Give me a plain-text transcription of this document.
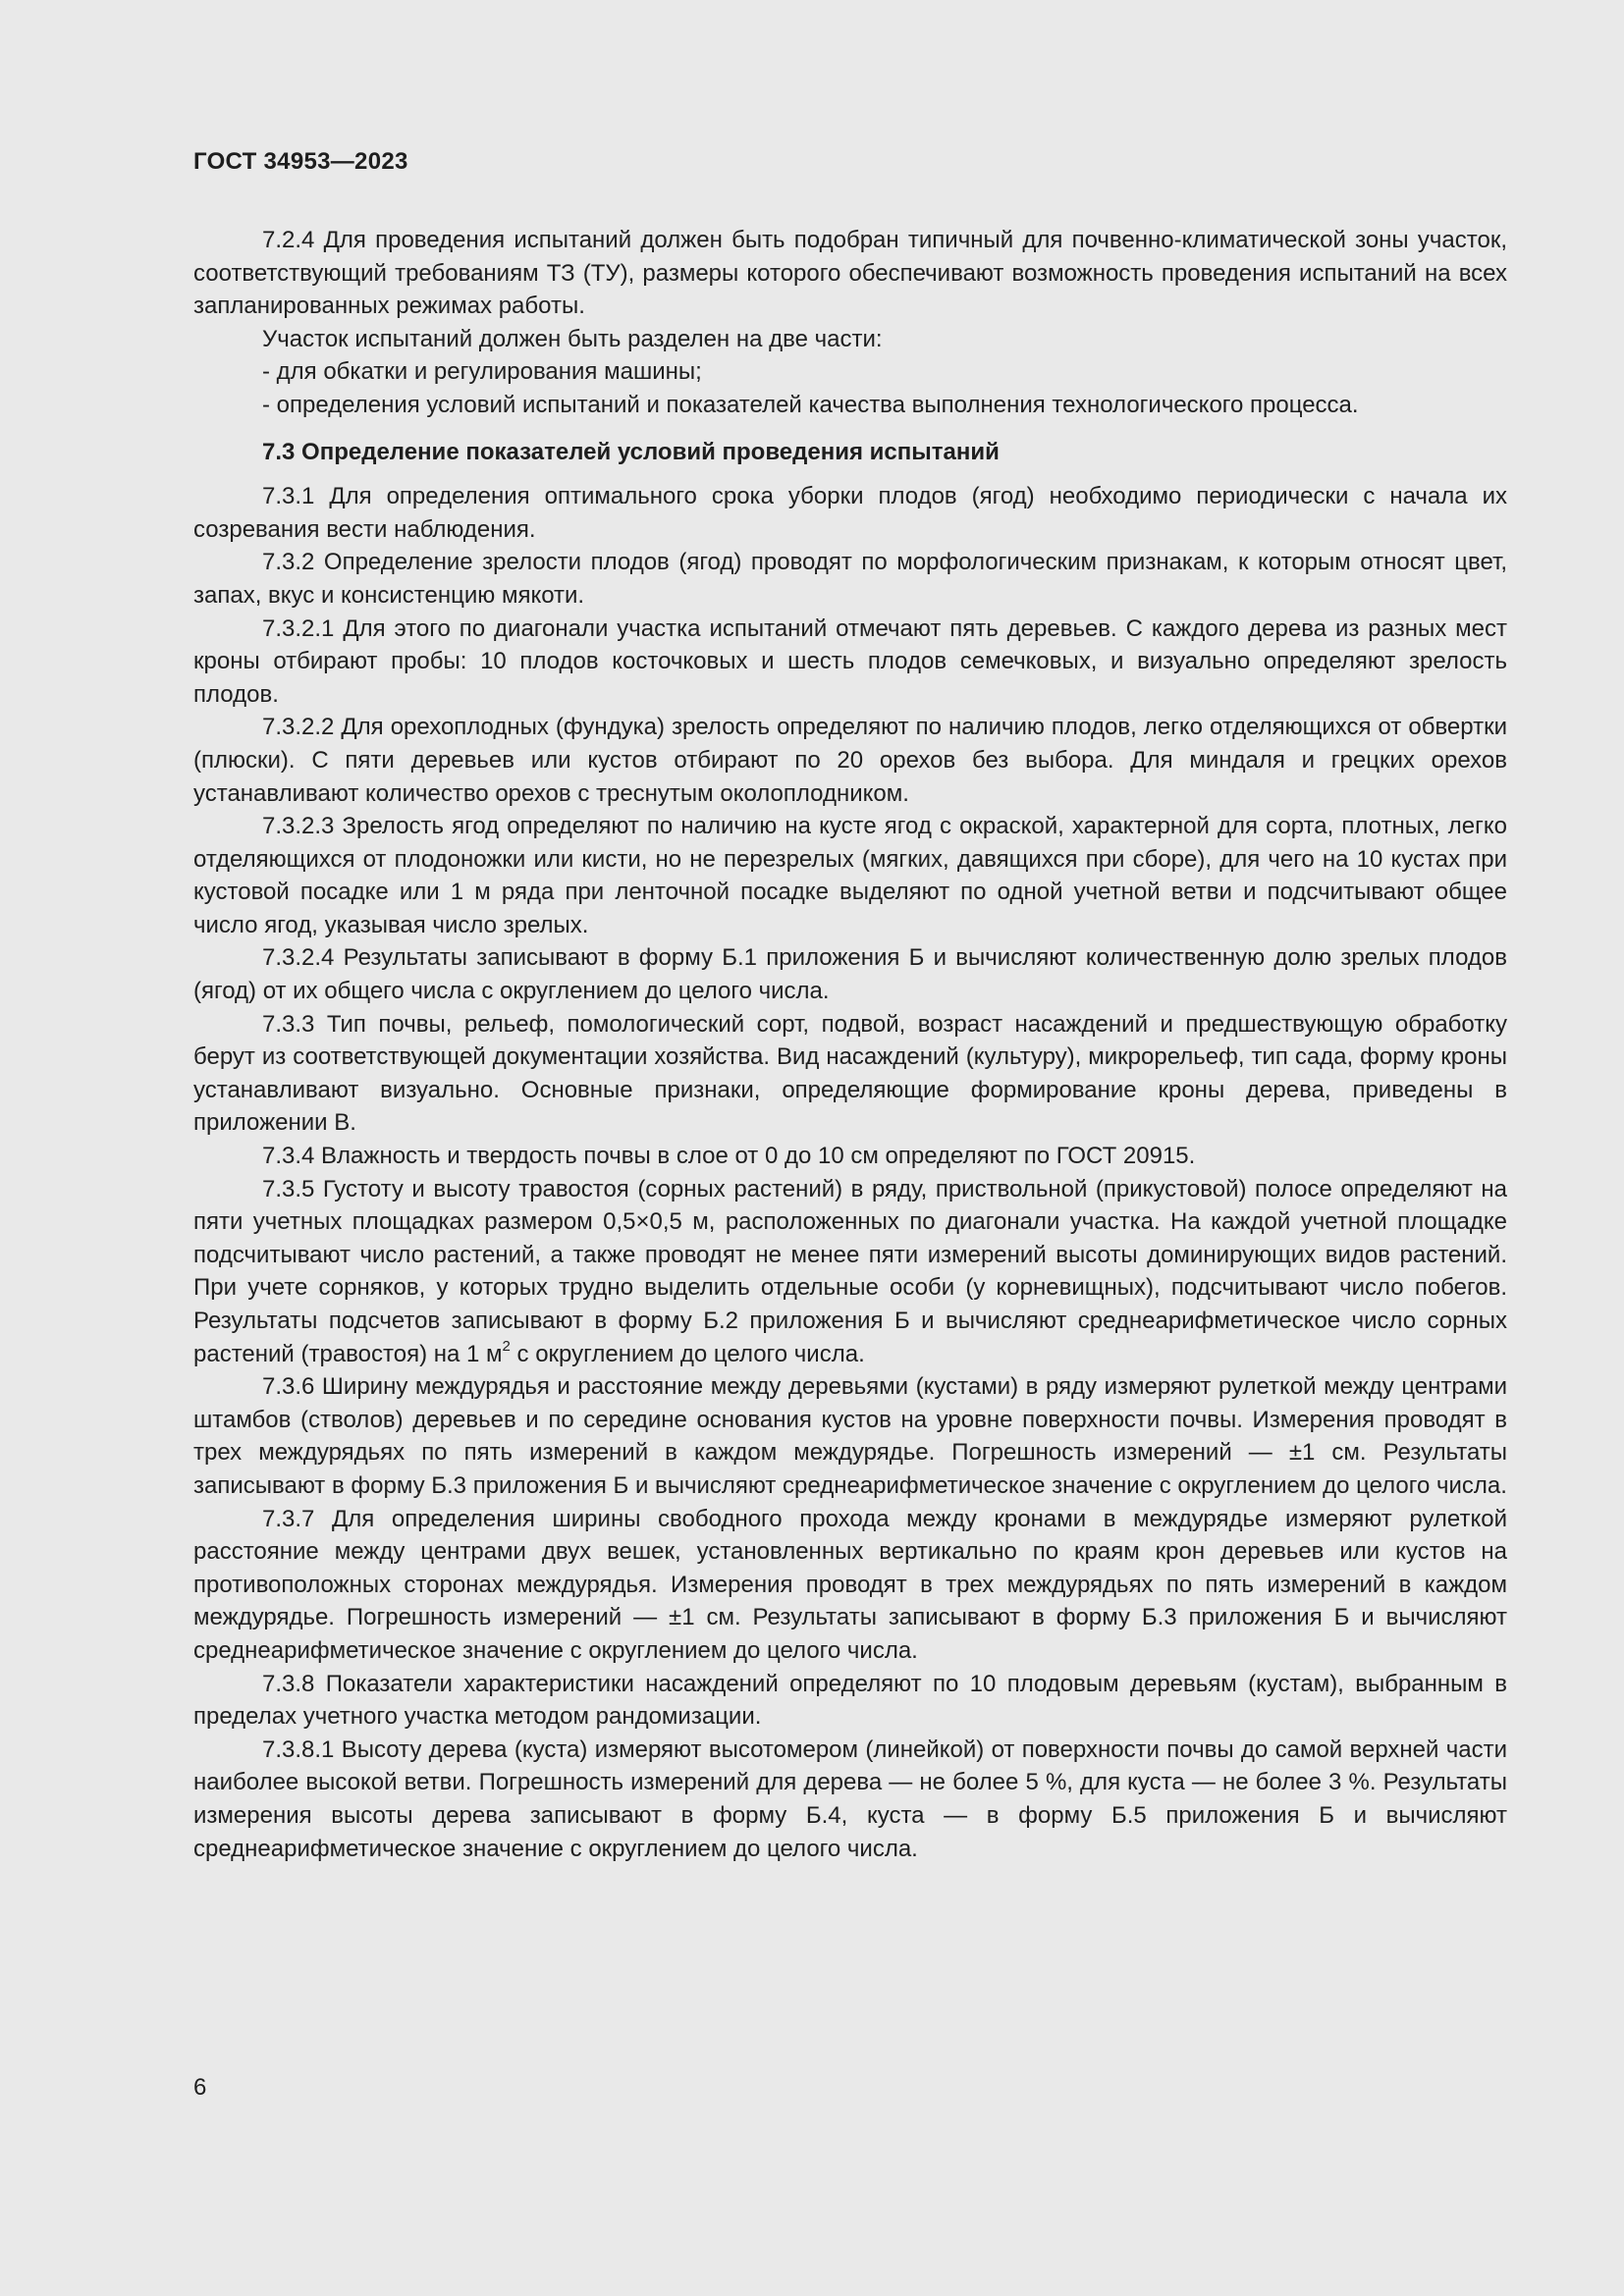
ГОСТ 34953—2023

7.2.4 Для проведения испытаний должен быть подобран типичный для почвенно-климатической зоны участок, соответствующий требованиям ТЗ (ТУ), размеры которого обеспечивают возможность проведения испытаний на всех запланированных режимах работы.

Участок испытаний должен быть разделен на две части:

- для обкатки и регулирования машины;

- определения условий испытаний и показателей качества выполнения технологического процесса.

7.3 Определение показателей условий проведения испытаний

7.3.1 Для определения оптимального срока уборки плодов (ягод) необходимо периодически с начала их созревания вести наблюдения.

7.3.2 Определение зрелости плодов (ягод) проводят по морфологическим признакам, к которым относят цвет, запах, вкус и консистенцию мякоти.

7.3.2.1 Для этого по диагонали участка испытаний отмечают пять деревьев. С каждого дерева из разных мест кроны отбирают пробы: 10 плодов косточковых и шесть плодов семечковых, и визуально определяют зрелость плодов.

7.3.2.2 Для орехоплодных (фундука) зрелость определяют по наличию плодов, легко отделяющихся от обвертки (плюски). С пяти деревьев или кустов отбирают по 20 орехов без выбора. Для миндаля и грецких орехов устанавливают количество орехов с треснутым околоплодником.

7.3.2.3 Зрелость ягод определяют по наличию на кусте ягод с окраской, характерной для сорта, плотных, легко отделяющихся от плодоножки или кисти, но не перезрелых (мягких, давящихся при сборе), для чего на 10 кустах при кустовой посадке или 1 м ряда при ленточной посадке выделяют по одной учетной ветви и подсчитывают общее число ягод, указывая число зрелых.

7.3.2.4 Результаты записывают в форму Б.1 приложения Б и вычисляют количественную долю зрелых плодов (ягод) от их общего числа с округлением до целого числа.

7.3.3 Тип почвы, рельеф, помологический сорт, подвой, возраст насаждений и предшествующую обработку берут из соответствующей документации хозяйства. Вид насаждений (культуру), микрорельеф, тип сада, форму кроны устанавливают визуально. Основные признаки, определяющие формирование кроны дерева, приведены в приложении В.

7.3.4 Влажность и твердость почвы в слое от 0 до 10 см определяют по ГОСТ 20915.

7.3.5 Густоту и высоту травостоя (сорных растений) в ряду, приствольной (прикустовой) полосе определяют на пяти учетных площадках размером 0,5×0,5 м, расположенных по диагонали участка. На каждой учетной площадке подсчитывают число растений, а также проводят не менее пяти измерений высоты доминирующих видов растений. При учете сорняков, у которых трудно выделить отдельные особи (у корневищных), подсчитывают число побегов. Результаты подсчетов записывают в форму Б.2 приложения Б и вычисляют среднеарифметическое число сорных растений (травостоя) на 1 $м^2$ с округлением до целого числа.

7.3.6 Ширину междурядья и расстояние между деревьями (кустами) в ряду измеряют рулеткой между центрами штамбов (стволов) деревьев и по середине основания кустов на уровне поверхности почвы. Измерения проводят в трех междурядьях по пять измерений в каждом междурядье. Погрешность измерений — ±1 см. Результаты записывают в форму Б.3 приложения Б и вычисляют среднеарифметическое значение с округлением до целого числа.

7.3.7 Для определения ширины свободного прохода между кронами в междурядье измеряют рулеткой расстояние между центрами двух вешек, установленных вертикально по краям крон деревьев или кустов на противоположных сторонах междурядья. Измерения проводят в трех междурядьях по пять измерений в каждом междурядье. Погрешность измерений — ±1 см. Результаты записывают в форму Б.3 приложения Б и вычисляют среднеарифметическое значение с округлением до целого числа.

7.3.8 Показатели характеристики насаждений определяют по 10 плодовым деревьям (кустам), выбранным в пределах учетного участка методом рандомизации.

7.3.8.1 Высоту дерева (куста) измеряют высотомером (линейкой) от поверхности почвы до самой верхней части наиболее высокой ветви. Погрешность измерений для дерева — не более 5 %, для куста — не более 3 %. Результаты измерения высоты дерева записывают в форму Б.4, куста — в форму Б.5 приложения Б и вычисляют среднеарифметическое значение с округлением до целого числа.

6
